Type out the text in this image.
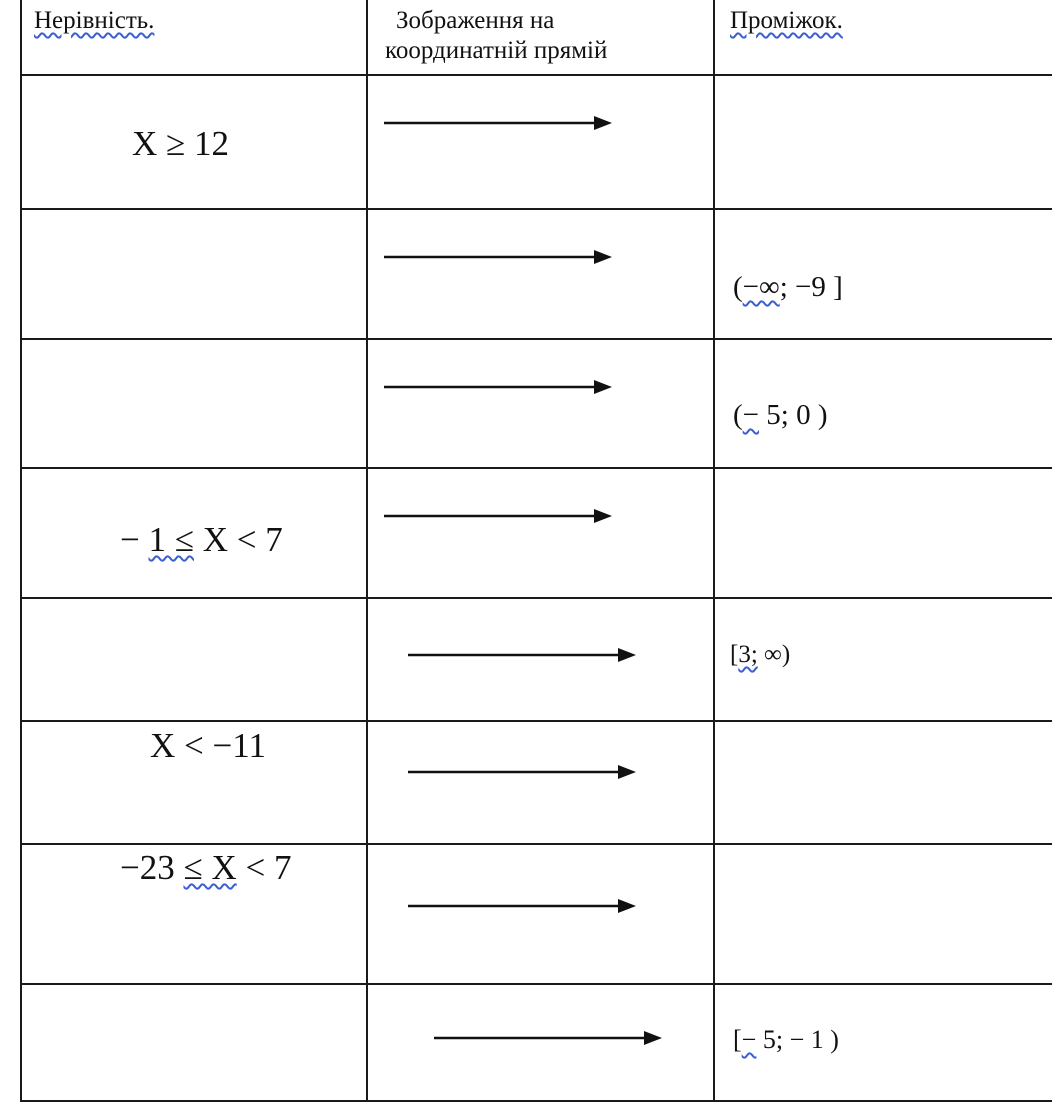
Нерівність.	Зображення на
координатній прямій
Проміжок.
X ≥ 12
(−∞; −9 ]
(− 5; 0 )
− 1 ≤ X < 7
[3; ∞)
X < −11
−23 ≤ X < 7
[− 5; − 1 )
